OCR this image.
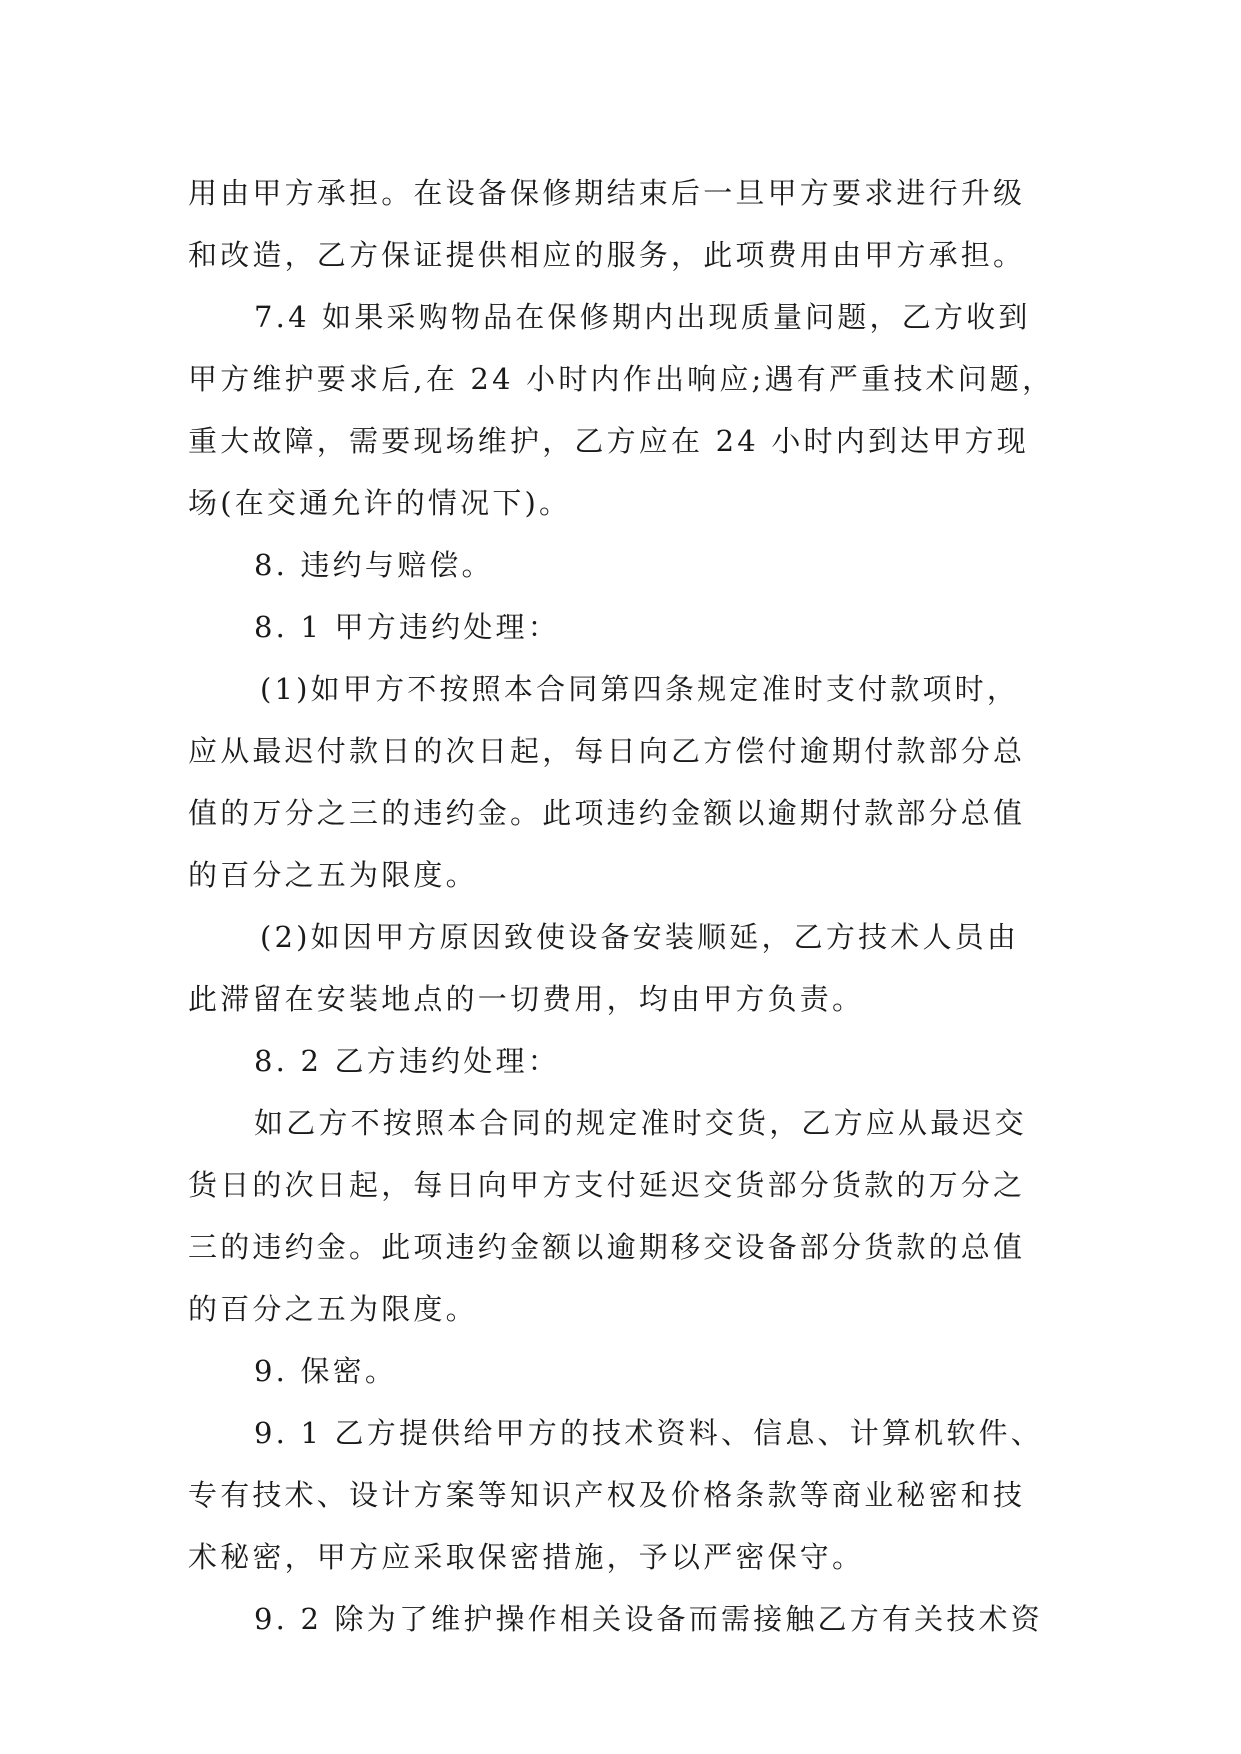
用由甲方承担。在设备保修期结束后一旦甲方要求进行升级
和改造，乙方保证提供相应的服务，此项费用由甲方承担。
7.4 如果采购物品在保修期内出现质量问题，乙方收到
甲方维护要求后,在 24 小时内作出响应;遇有严重技术问题，
重大故障，需要现场维护，乙方应在 24 小时内到达甲方现
场(在交通允许的情况下)。
8. 违约与赔偿。
8. 1 甲方违约处理：
(1)如甲方不按照本合同第四条规定准时支付款项时，
应从最迟付款日的次日起，每日向乙方偿付逾期付款部分总
值的万分之三的违约金。此项违约金额以逾期付款部分总值
的百分之五为限度。
(2)如因甲方原因致使设备安装顺延，乙方技术人员由
此滞留在安装地点的一切费用，均由甲方负责。
8. 2 乙方违约处理：
如乙方不按照本合同的规定准时交货，乙方应从最迟交
货日的次日起，每日向甲方支付延迟交货部分货款的万分之
三的违约金。此项违约金额以逾期移交设备部分货款的总值
的百分之五为限度。
9. 保密。
9. 1 乙方提供给甲方的技术资料、信息、计算机软件、
专有技术、设计方案等知识产权及价格条款等商业秘密和技
术秘密，甲方应采取保密措施，予以严密保守。
9. 2 除为了维护操作相关设备而需接触乙方有关技术资
